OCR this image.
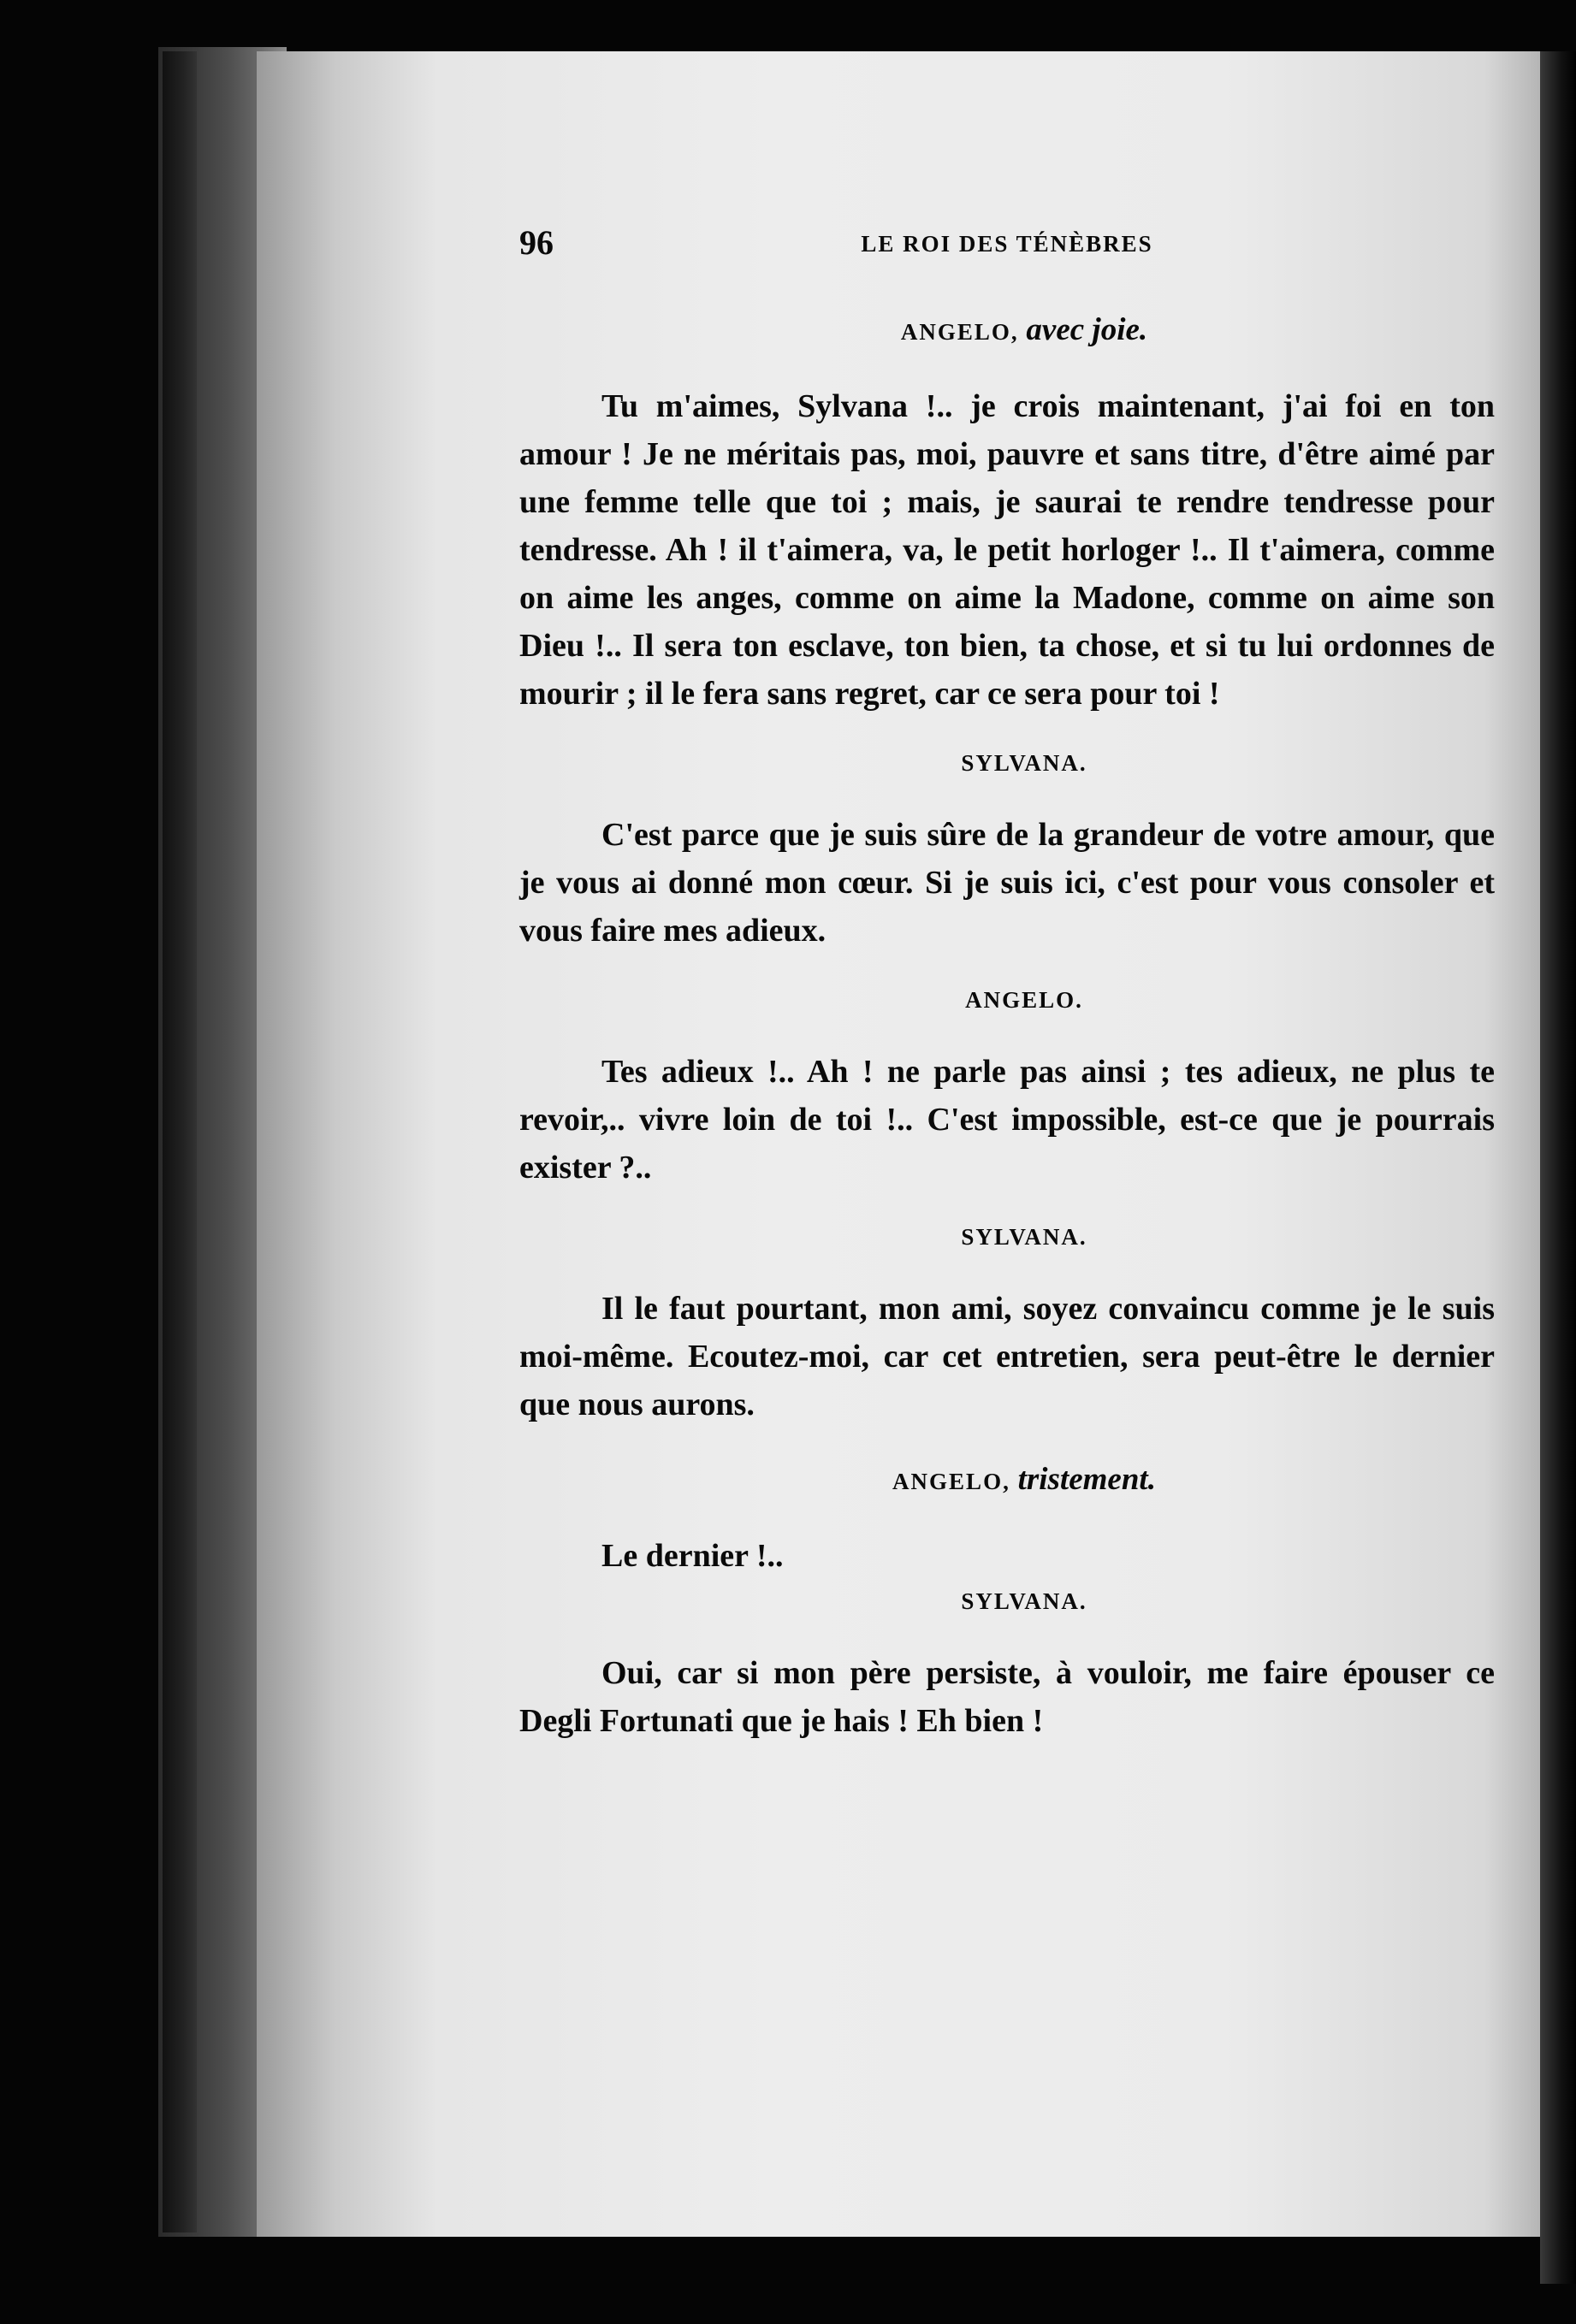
96	LE ROI DES TÉNÈBRES
ANGELO, avec joie.

Tu m'aimes, Sylvana !.. je crois maintenant, j'ai foi en ton amour ! Je ne méritais pas, moi, pauvre et sans titre, d'être aimé par une femme telle que toi ; mais, je saurai te rendre tendresse pour tendresse. Ah ! il t'aimera, va, le petit horloger !.. Il t'aimera, comme on aime les anges, comme on aime la Madone, comme on aime son Dieu !.. Il sera ton esclave, ton bien, ta chose, et si tu lui ordonnes de mourir ; il le fera sans regret, car ce sera pour toi !

SYLVANA.

C'est parce que je suis sûre de la grandeur de votre amour, que je vous ai donné mon cœur. Si je suis ici, c'est pour vous consoler et vous faire mes adieux.

ANGELO.

Tes adieux !.. Ah ! ne parle pas ainsi ; tes adieux, ne plus te revoir,.. vivre loin de toi !.. C'est impossible, est-ce que je pourrais exister ?..

SYLVANA.

Il le faut pourtant, mon ami, soyez convaincu comme je le suis moi-même. Ecoutez-moi, car cet entretien, sera peut-être le dernier que nous aurons.

ANGELO, tristement.

Le dernier !..

SYLVANA.

Oui, car si mon père persiste, à vouloir, me faire épouser ce Degli Fortunati que je hais ! Eh bien !
